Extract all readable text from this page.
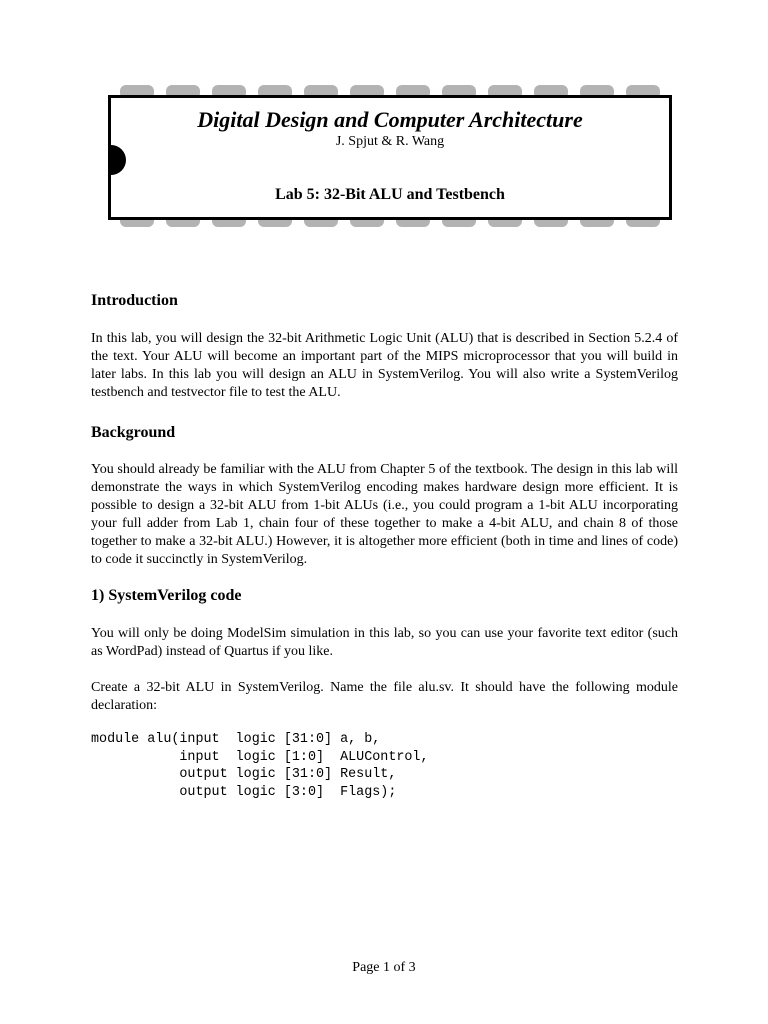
Digital Design and Computer Architecture
J. Spjut & R. Wang
Lab 5: 32-Bit ALU and Testbench
Introduction

In this lab, you will design the 32-bit Arithmetic Logic Unit (ALU) that is described in Section 5.2.4 of the text. Your ALU will become an important part of the MIPS microprocessor that you will build in later labs. In this lab you will design an ALU in SystemVerilog. You will also write a SystemVerilog testbench and testvector file to test the ALU.

Background

You should already be familiar with the ALU from Chapter 5 of the textbook. The design in this lab will demonstrate the ways in which SystemVerilog encoding makes hardware design more efficient. It is possible to design a 32-bit ALU from 1-bit ALUs (i.e., you could program a 1-bit ALU incorporating your full adder from Lab 1, chain four of these together to make a 4-bit ALU, and chain 8 of those together to make a 32-bit ALU.) However, it is altogether more efficient (both in time and lines of code) to code it succinctly in SystemVerilog.

1) SystemVerilog code

You will only be doing ModelSim simulation in this lab, so you can use your favorite text editor (such as WordPad) instead of Quartus if you like.

Create a 32-bit ALU in SystemVerilog. Name the file alu.sv. It should have the following module declaration:

module alu(input  logic [31:0] a, b,
input  logic [1:0]  ALUControl,
output logic [31:0] Result,
output logic [3:0]  Flags);
Page 1 of 3
